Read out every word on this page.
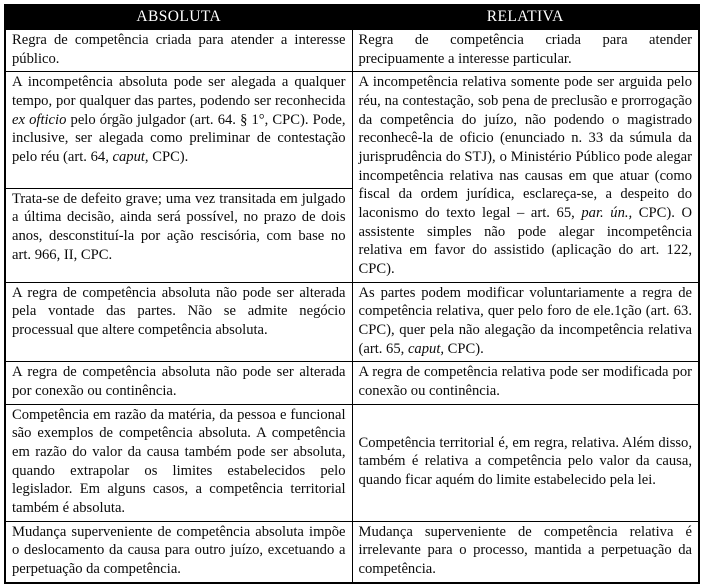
ABSOLUTA	RELATIVA
Regra de competência criada para atender a interesse público.	Regra de competência criada para atender precipuamente a interesse particular.
A incompetência absoluta pode ser alegada a qualquer tempo, por qualquer das partes, podendo ser reconhecida ex ofticio pelo órgão julgador (art. 64. § 1°, CPC). Pode, inclusive, ser alegada como preliminar de contestação pelo réu (art. 64, caput, CPC).	A incompetência relativa somente pode ser arguida pelo réu, na contestação, sob pena de preclusão e prorrogação da competência do juízo, não podendo o magistrado reconhecê-la de oficio (enunciado n. 33 da súmula da jurisprudência do STJ), o Ministério Público pode alegar incompetência relativa nas causas em que atuar (como fiscal da ordem jurídica, esclareça-se, a despeito do laconismo do texto legal – art. 65, par. ún., CPC). O assistente simples não pode alegar incompetência relativa em favor do assistido (aplicação do art. 122, CPC).
Trata-se de defeito grave; uma vez transitada em julgado a última decisão, ainda será possível, no prazo de dois anos, desconstituí-la por ação rescisória, com base no art. 966, II, CPC.	
A regra de competência absoluta não pode ser alterada pela vontade das partes. Não se admite negócio processual que altere competência absoluta.	As partes podem modificar voluntariamente a regra de competência relativa, quer pelo foro de ele.1ção (art. 63. CPC), quer pela não alegação da incompetência relativa (art. 65, caput, CPC).
A regra de competência absoluta não pode ser alterada por conexão ou continência.	A regra de competência relativa pode ser modificada por conexão ou continência.
Competência em razão da matéria, da pessoa e funcional são exemplos de competência absoluta. A competência em razão do valor da causa também pode ser absoluta, quando extrapolar os limites estabelecidos pelo legislador. Em alguns casos, a competência territorial também é absoluta.	Competência territorial é, em regra, relativa. Além disso, também é relativa a competência pelo valor da causa, quando ficar aquém do limite estabelecido pela lei.
Mudança superveniente de competência absoluta impõe o deslocamento da causa para outro juízo, excetuando a perpetuação da competência.	Mudança superveniente de competência relativa é irrelevante para o processo, mantida a perpetuação da competência.
